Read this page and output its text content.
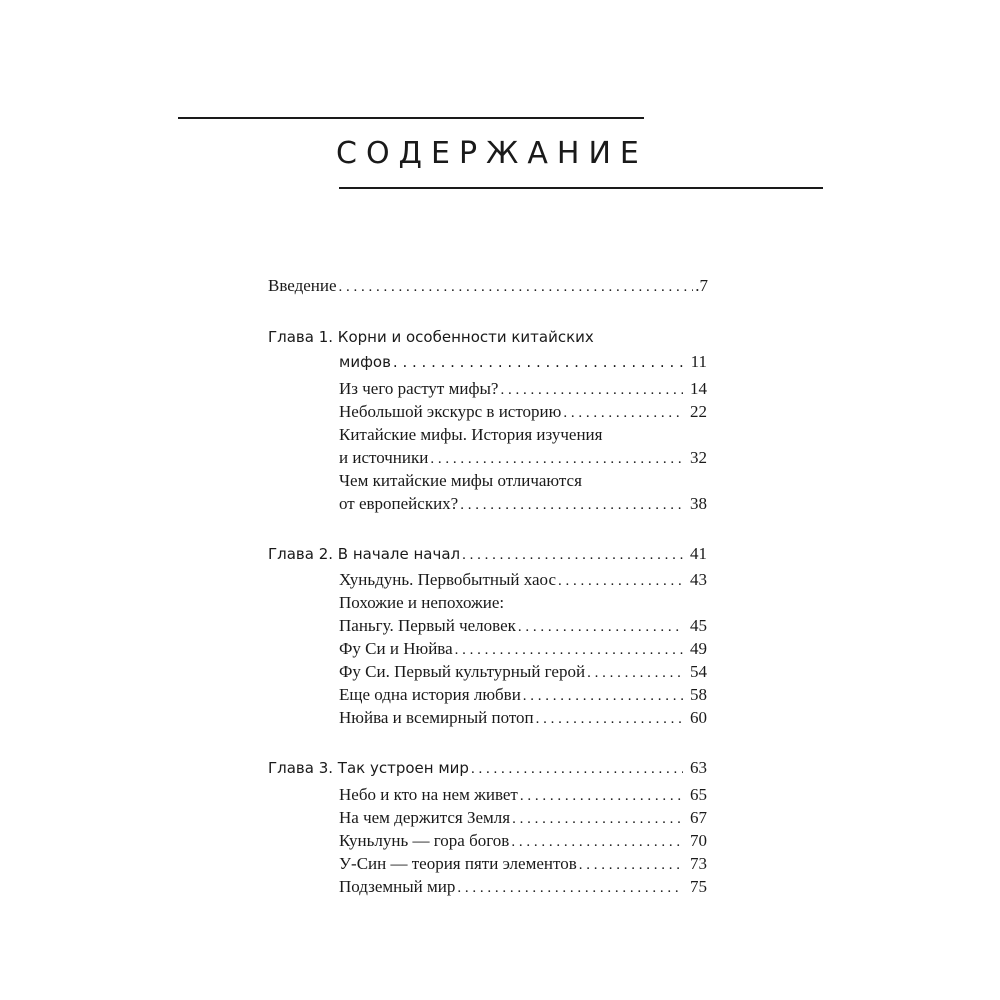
СОДЕРЖАНИЕ
Введение . . .	.7
Глава 1. Корни и особенности китайских
мифов . . .	11
Из чего растут мифы? . . .	14
Небольшой экскурс в историю . . .	22
Китайские мифы. История изучения
и источники . . .	32
Чем китайские мифы отличаются
от европейских? . . .	38
Глава 2. В начале начал . . .	41
Хуньдунь. Первобытный хаос . . .	43
Похожие и непохожие:
Паньгу. Первый человек . . .	45
Фу Си и Нюйва . . .	49
Фу Си. Первый культурный герой . . .	54
Еще одна история любви . . .	58
Нюйва и всемирный потоп . . .	60
Глава 3. Так устроен мир . . .	63
Небо и кто на нем живет . . .	65
На чем держится Земля . . .	67
Куньлунь — гора богов . . .	70
У-Син — теория пяти элементов . . .	73
Подземный мир . . .	75
